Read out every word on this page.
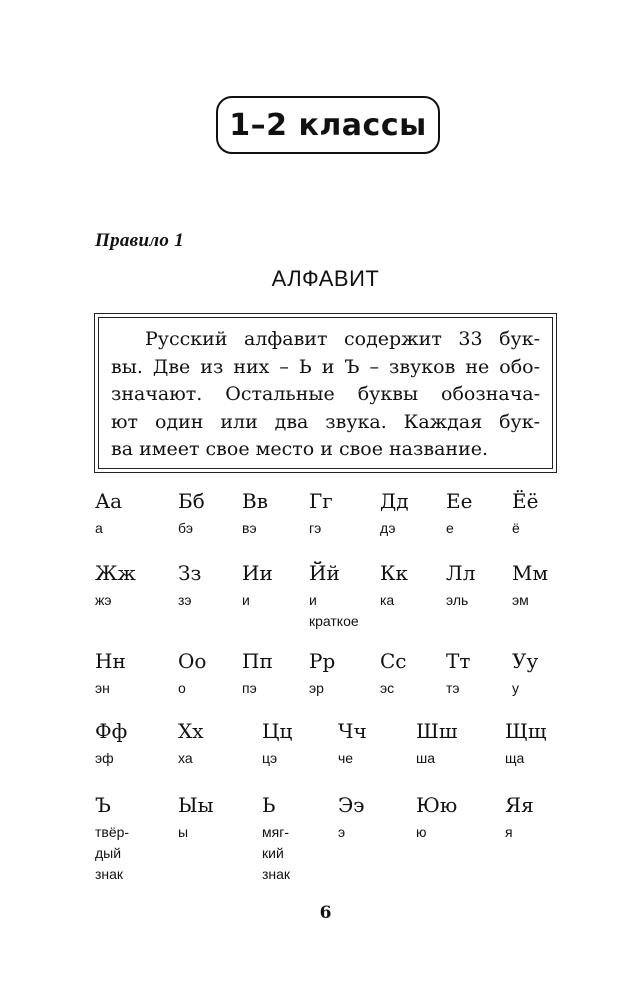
1–2 классы
Правило 1
АЛФАВИТ
Русский алфавит содержит 33 бук-
вы. Две из них – Ь и Ъ – звуков не обо-
значают. Остальные буквы обознача-
ют один или два звука. Каждая бук-
ва имеет свое место и свое название.
Аа
а
Бб
бэ
Вв
вэ
Гг
гэ
Дд
дэ
Ее
е
Ёё
ё
Жж
жэ
Зз
зэ
Ии
и
Йй
и
краткое
Кк
ка
Лл
эль
Мм
эм
Нн
эн
Оо
о
Пп
пэ
Рр
эр
Сс
эс
Тт
тэ
Уу
у
Фф
эф
Хх
ха
Цц
цэ
Чч
че
Шш
ша
Щщ
ща
Ъ
твёр-
дый
знак
Ыы
ы
Ь
мяг-
кий
знак
Ээ
э
Юю
ю
Яя
я
6
